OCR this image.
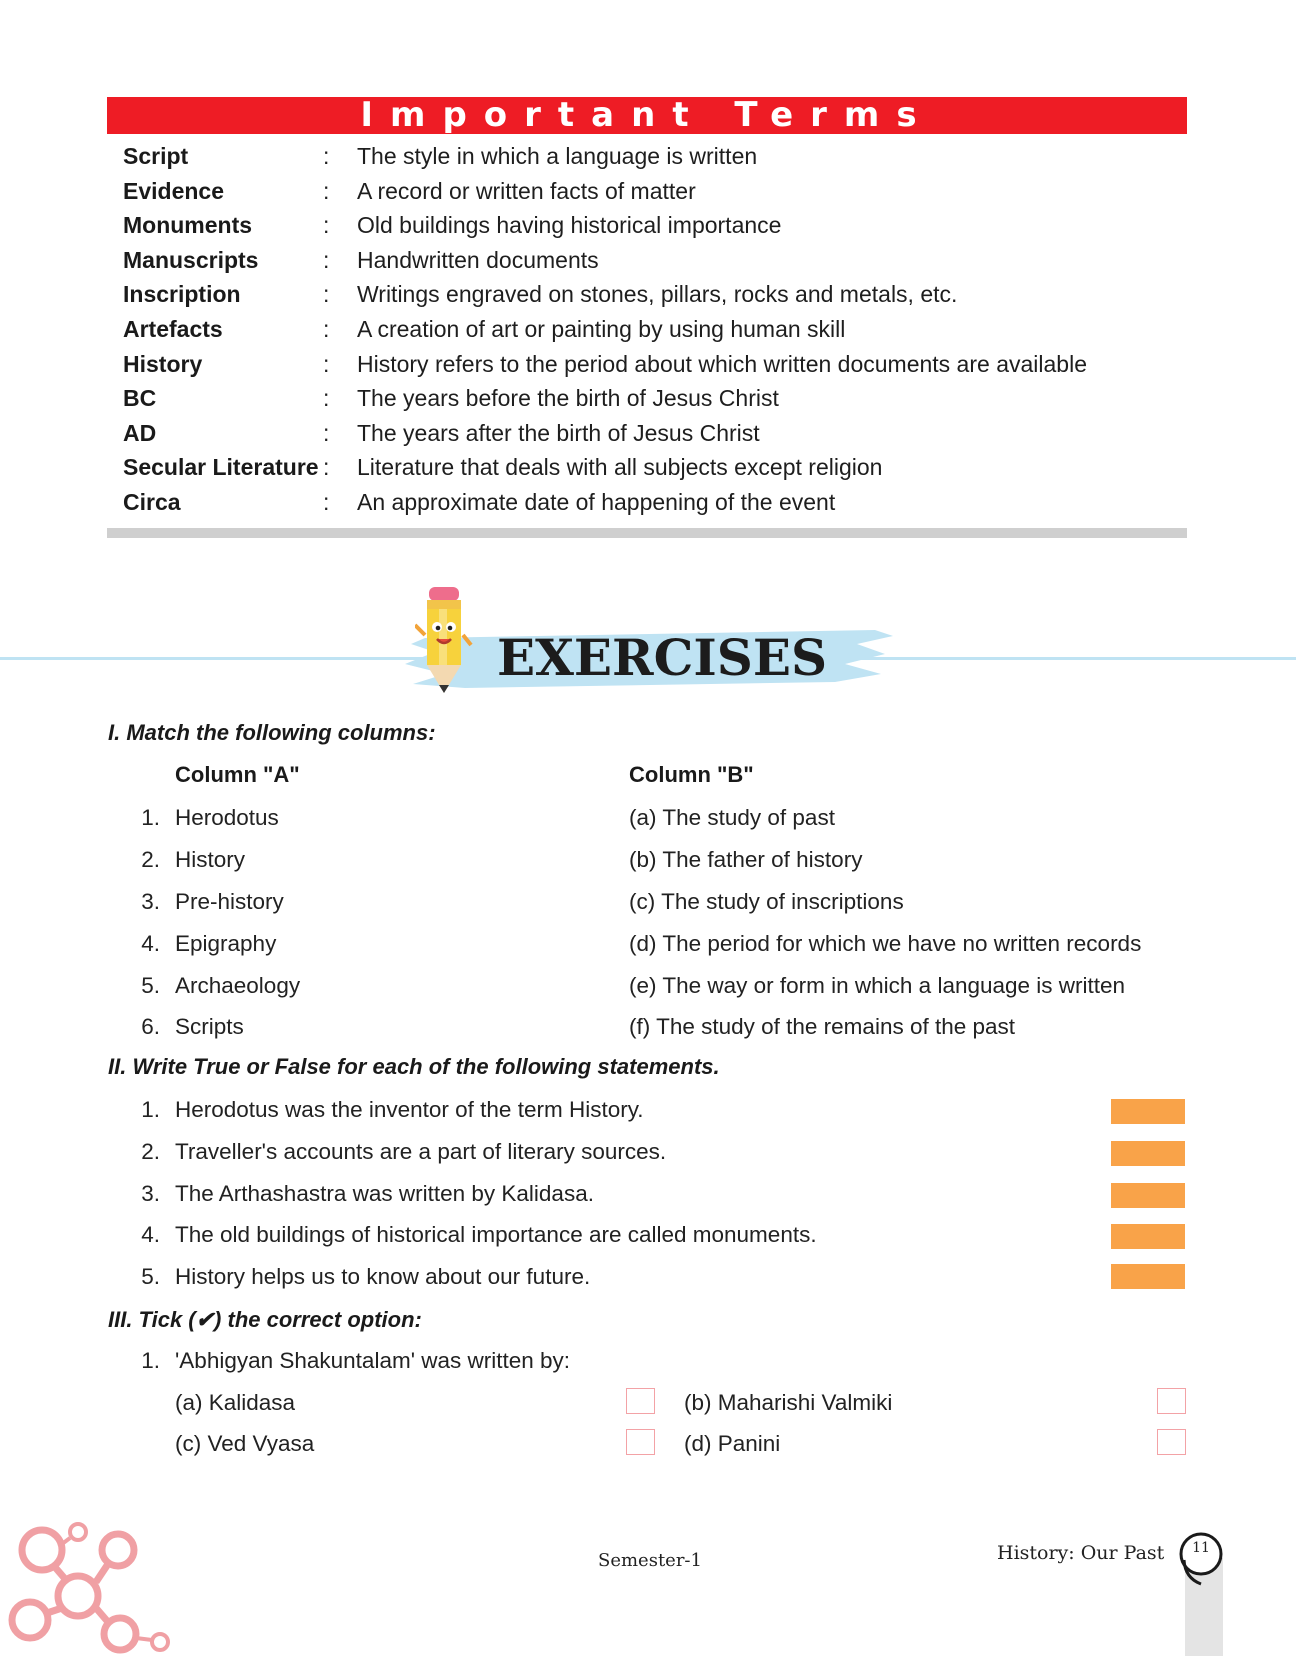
Important Terms
Script	: The style in which a language is written
Evidence	: A record or written facts of matter
Monuments	: Old buildings having historical importance
Manuscripts	: Handwritten documents
Inscription	: Writings engraved on stones, pillars, rocks and metals, etc.
Artefacts	: A creation of art or painting by using human skill
History	: History refers to the period about which written documents are available
BC	: The years before the birth of Jesus Christ
AD	: The years after the birth of Jesus Christ
Secular Literature : Literature that deals with all subjects except religion
Circa	: An approximate date of happening of the event
EXERCISES
I. Match the following columns:
Column "A"	Column "B"
1. Herodotus	(a) The study of past
2. History	(b) The father of history
3. Pre-history	(c) The study of inscriptions
4. Epigraphy	(d) The period for which we have no written records
5. Archaeology	(e) The way or form in which a language is written
6. Scripts	(f) The study of the remains of the past
II. Write True or False for each of the following statements.
1. Herodotus was the inventor of the term History.
2. Traveller's accounts are a part of literary sources.
3. The Arthashastra was written by Kalidasa.
4. The old buildings of historical importance are called monuments.
5. History helps us to know about our future.
III. Tick (✔) the correct option:
1. 'Abhigyan Shakuntalam' was written by:
(a) Kalidasa	(b) Maharishi Valmiki
(c) Ved Vyasa	(d) Panini
Semester-1	History: Our Past 11
